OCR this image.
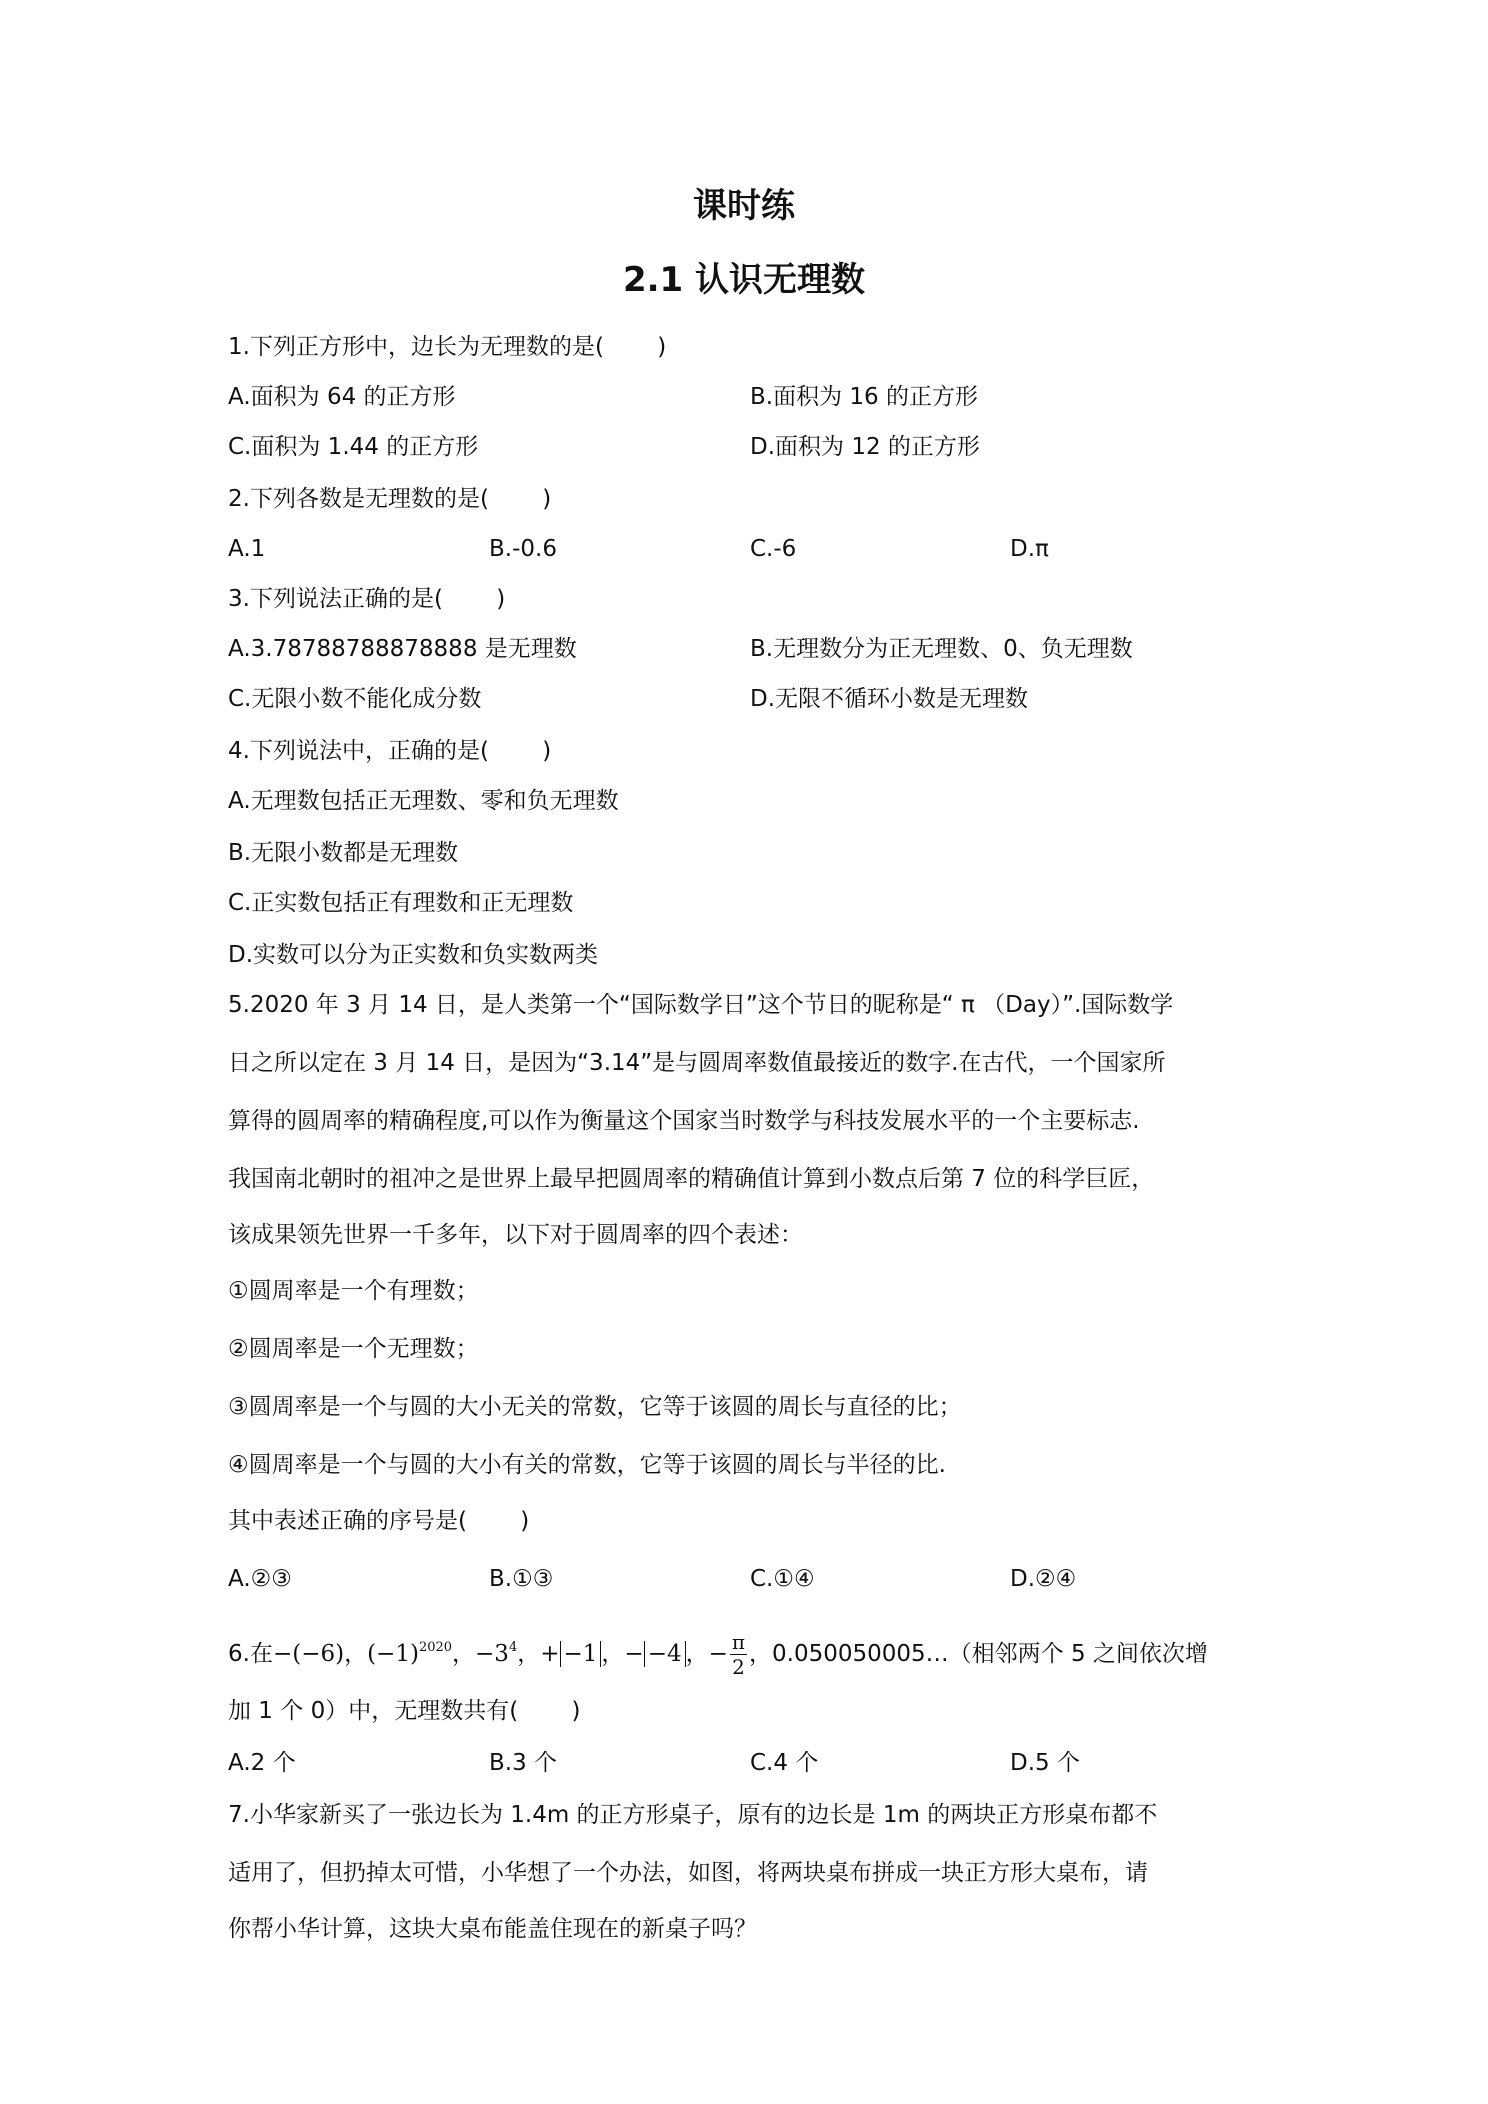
课时练
2.1 认识无理数
1.下列正方形中，边长为无理数的是(　 　)
A.面积为 64 的正方形	B.面积为 16 的正方形
C.面积为 1.44 的正方形	D.面积为 12 的正方形
2.下列各数是无理数的是(　 　)
A.1	B.-0.6	C.-6	D.π
3.下列说法正确的是(　 　)
A.3.78788788878888 是无理数	B.无理数分为正无理数、0、负无理数
C.无限小数不能化成分数	D.无限不循环小数是无理数
4.下列说法中，正确的是(　 　)
A.无理数包括正无理数、零和负无理数
B.无限小数都是无理数
C.正实数包括正有理数和正无理数
D.实数可以分为正实数和负实数两类
5.2020 年 3 月 14 日，是人类第一个“国际数学日”这个节日的昵称是“ π （Day）”.国际数学
日之所以定在 3 月 14 日，是因为“3.14”是与圆周率数值最接近的数字.在古代，一个国家所
算得的圆周率的精确程度,可以作为衡量这个国家当时数学与科技发展水平的一个主要标志.
我国南北朝时的祖冲之是世界上最早把圆周率的精确值计算到小数点后第 7 位的科学巨匠，
该成果领先世界一千多年，以下对于圆周率的四个表述：
①圆周率是一个有理数；
②圆周率是一个无理数；
③圆周率是一个与圆的大小无关的常数，它等于该圆的周长与直径的比；
④圆周率是一个与圆的大小有关的常数，它等于该圆的周长与半径的比.
其中表述正确的序号是(　 　)
A.②③	B.①③	C.①④	D.②④
6.在−(−6)，$(-1)^{2020}$，$-3^4$，+ −1 ，− −4 ，− $\frac{\pi}{2}$ ，0.050050005…（相邻两个 5 之间依次增
加 1 个 0）中，无理数共有(　 　)
A.2 个	B.3 个	C.4 个	D.5 个
7.小华家新买了一张边长为 1.4m 的正方形桌子，原有的边长是 1m 的两块正方形桌布都不
适用了，但扔掉太可惜，小华想了一个办法，如图，将两块桌布拼成一块正方形大桌布，请
你帮小华计算，这块大桌布能盖住现在的新桌子吗？
